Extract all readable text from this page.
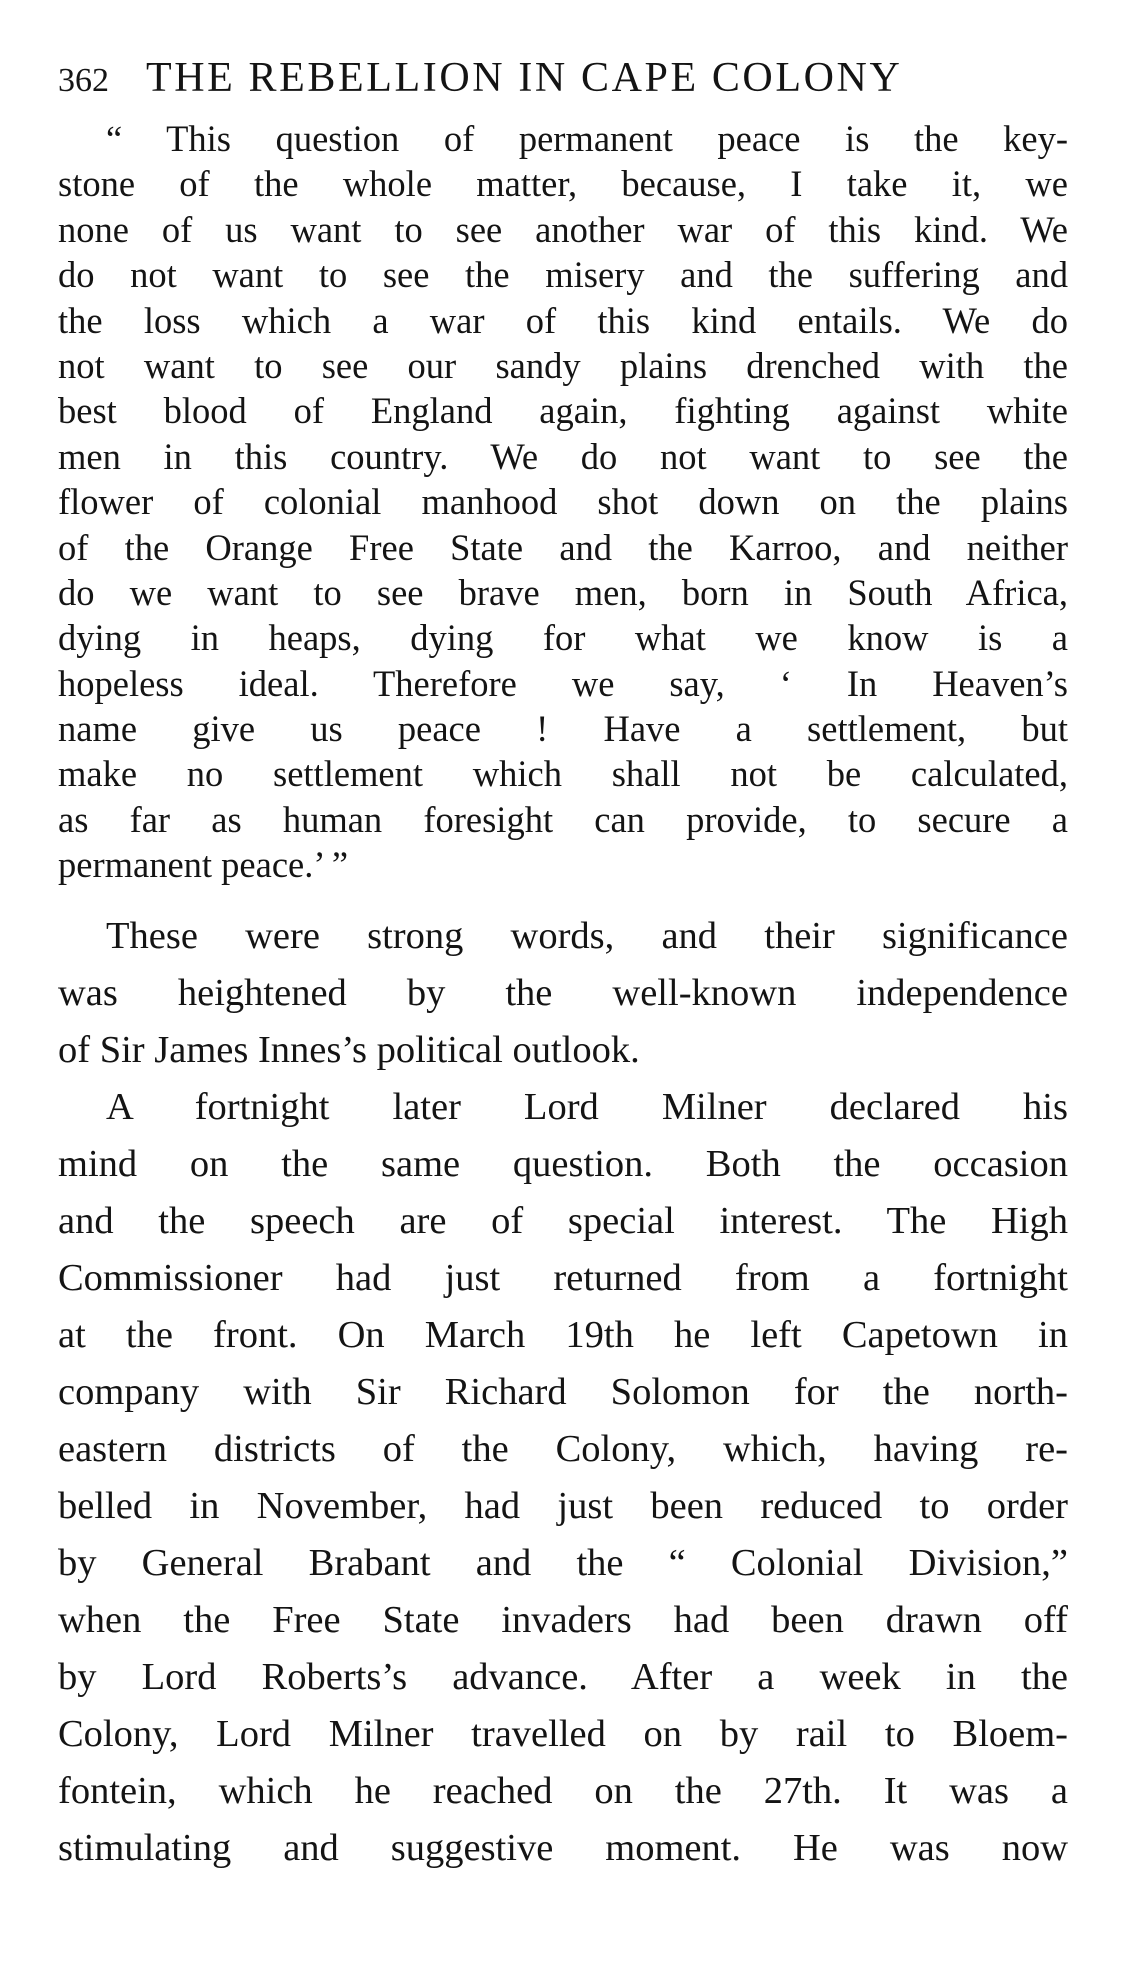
362 THE REBELLION IN CAPE COLONY
“ This question of permanent peace is the key-
stone of the whole matter, because, I take it, we
none of us want to see another war of this kind. We
do not want to see the misery and the suffering and
the loss which a war of this kind entails. We do
not want to see our sandy plains drenched with the
best blood of England again, fighting against white
men in this country. We do not want to see the
flower of colonial manhood shot down on the plains
of the Orange Free State and the Karroo, and neither
do we want to see brave men, born in South Africa,
dying in heaps, dying for what we know is a
hopeless ideal. Therefore we say, ‘ In Heaven’s
name give us peace ! Have a settlement, but
make no settlement which shall not be calculated,
as far as human foresight can provide, to secure a
permanent peace.’ ”
These were strong words, and their significance
was heightened by the well-known independence
of Sir James Innes’s political outlook.
A fortnight later Lord Milner declared his
mind on the same question. Both the occasion
and the speech are of special interest. The High
Commissioner had just returned from a fortnight
at the front. On March 19th he left Capetown in
company with Sir Richard Solomon for the north-
eastern districts of the Colony, which, having re-
belled in November, had just been reduced to order
by General Brabant and the “ Colonial Division,”
when the Free State invaders had been drawn off
by Lord Roberts’s advance. After a week in the
Colony, Lord Milner travelled on by rail to Bloem-
fontein, which he reached on the 27th. It was a
stimulating and suggestive moment. He was now
